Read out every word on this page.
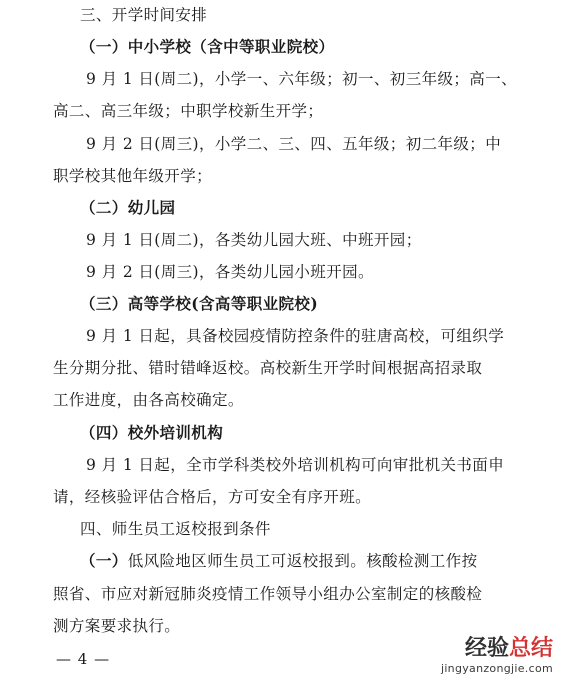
三、开学时间安排
（一）中小学校（含中等职业院校）
9 月 1 日(周二)，小学一、六年级；初一、初三年级；高一、
高二、高三年级；中职学校新生开学；
9 月 2 日(周三)，小学二、三、四、五年级；初二年级；中
职学校其他年级开学；
（二）幼儿园
9 月 1 日(周二)，各类幼儿园大班、中班开园；
9 月 2 日(周三)，各类幼儿园小班开园。
（三）高等学校(含高等职业院校)
9 月 1 日起，具备校园疫情防控条件的驻唐高校，可组织学
生分期分批、错时错峰返校。高校新生开学时间根据高招录取
工作进度，由各高校确定。
（四）校外培训机构
9 月 1 日起，全市学科类校外培训机构可向审批机关书面申
请，经核验评估合格后，方可安全有序开班。
四、师生员工返校报到条件
（一）低风险地区师生员工可返校报到。核酸检测工作按
照省、市应对新冠肺炎疫情工作领导小组办公室制定的核酸检
测方案要求执行。
— 4 —	经验总结
jingyanzongjie.com
